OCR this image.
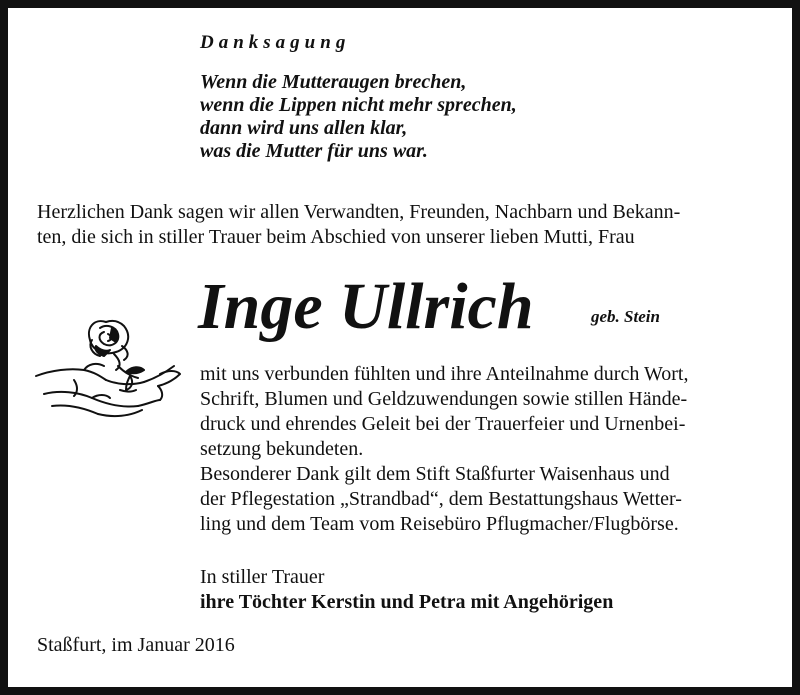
Danksagung
Wenn die Mutteraugen brechen,
wenn die Lippen nicht mehr sprechen,
dann wird uns allen klar,
was die Mutter für uns war.
Herzlichen Dank sagen wir allen Verwandten, Freunden, Nachbarn und Bekann-
ten, die sich in stiller Trauer beim Abschied von unserer lieben Mutti, Frau
Inge Ullrich	geb. Stein
mit uns verbunden fühlten und ihre Anteilnahme durch Wort,
Schrift, Blumen und Geldzuwendungen sowie stillen Hände-
druck und ehrendes Geleit bei der Trauerfeier und Urnenbei-
setzung bekundeten.
Besonderer Dank gilt dem Stift Staßfurter Waisenhaus und
der Pflegestation „Strandbad“, dem Bestattungshaus Wetter-
ling und dem Team vom Reisebüro Pflugmacher/Flugbörse.
In stiller Trauer
ihre Töchter Kerstin und Petra mit Angehörigen
Staßfurt, im Januar 2016
